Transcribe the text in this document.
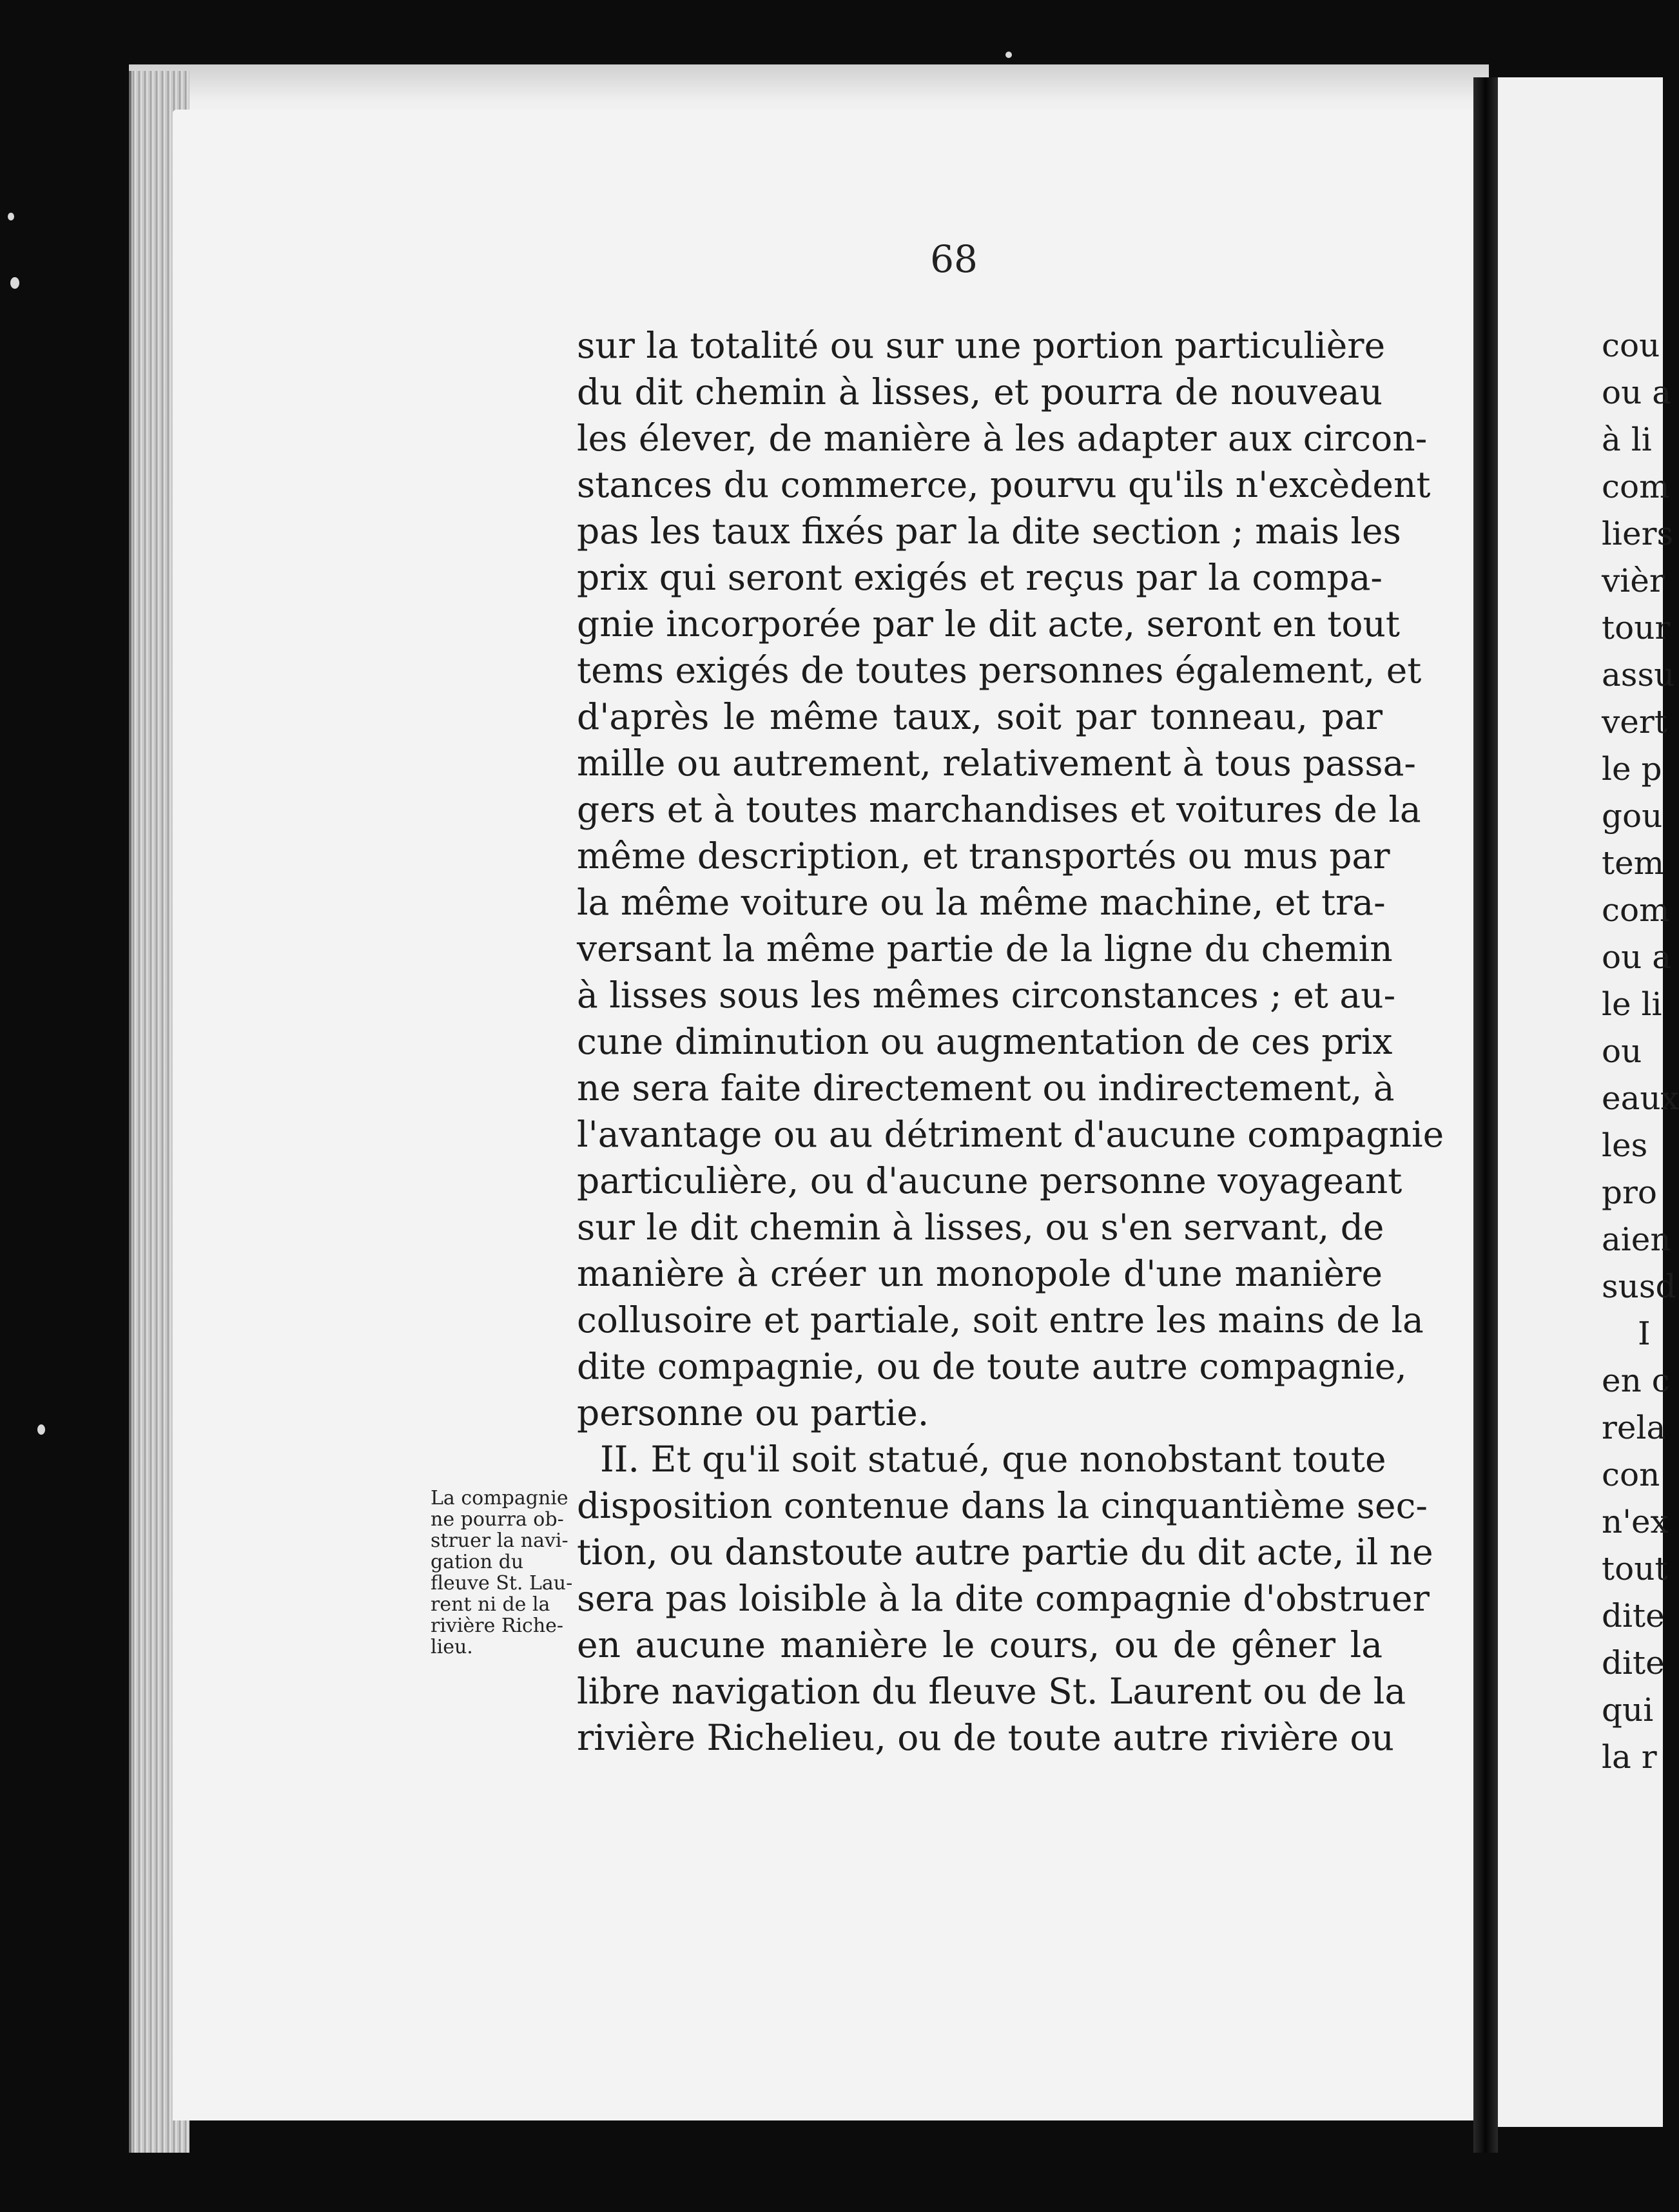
68
sur la totalité ou sur une portion particulière
du dit chemin à lisses, et pourra de nouveau
les élever, de manière à les adapter aux circon-
stances du commerce, pourvu qu'ils n'excèdent
pas les taux fixés par la dite section ; mais les
prix qui seront exigés et reçus par la compa-
gnie incorporée par le dit acte, seront en tout
tems exigés de toutes personnes également, et
d'après le même taux, soit par tonneau, par
mille ou autrement, relativement à tous passa-
gers et à toutes marchandises et voitures de la
même description, et transportés ou mus par
la même voiture ou la même machine, et tra-
versant la même partie de la ligne du chemin
à lisses sous les mêmes circonstances ; et au-
cune diminution ou augmentation de ces prix
ne sera faite directement ou indirectement, à
l'avantage ou au détriment d'aucune compagnie
particulière, ou d'aucune personne voyageant
sur le dit chemin à lisses, ou s'en servant, de
manière à créer un monopole d'une manière
collusoire et partiale, soit entre les mains de la
dite compagnie, ou de toute autre compagnie,
personne ou partie.
II. Et qu'il soit statué, que nonobstant toute
disposition contenue dans la cinquantième sec-
tion, ou danstoute autre partie du dit acte, il ne
sera pas loisible à la dite compagnie d'obstruer
en aucune manière le cours, ou de gêner la
libre navigation du fleuve St. Laurent ou de la
rivière Richelieu, ou de toute autre rivière ou
La compagnie
ne pourra ob-
struer la navi-
gation du
fleuve St. Lau-
rent ni de la
rivière Riche-
lieu.
cou
ou a
à li
com
liers
vièr
tour
assu
vert
le p
gou
tem
com
ou a
le li
ou
eaux
les
pro
aien
susd
I
en c
rela
con
n'ex
tout
dite
dite
qui
la r
